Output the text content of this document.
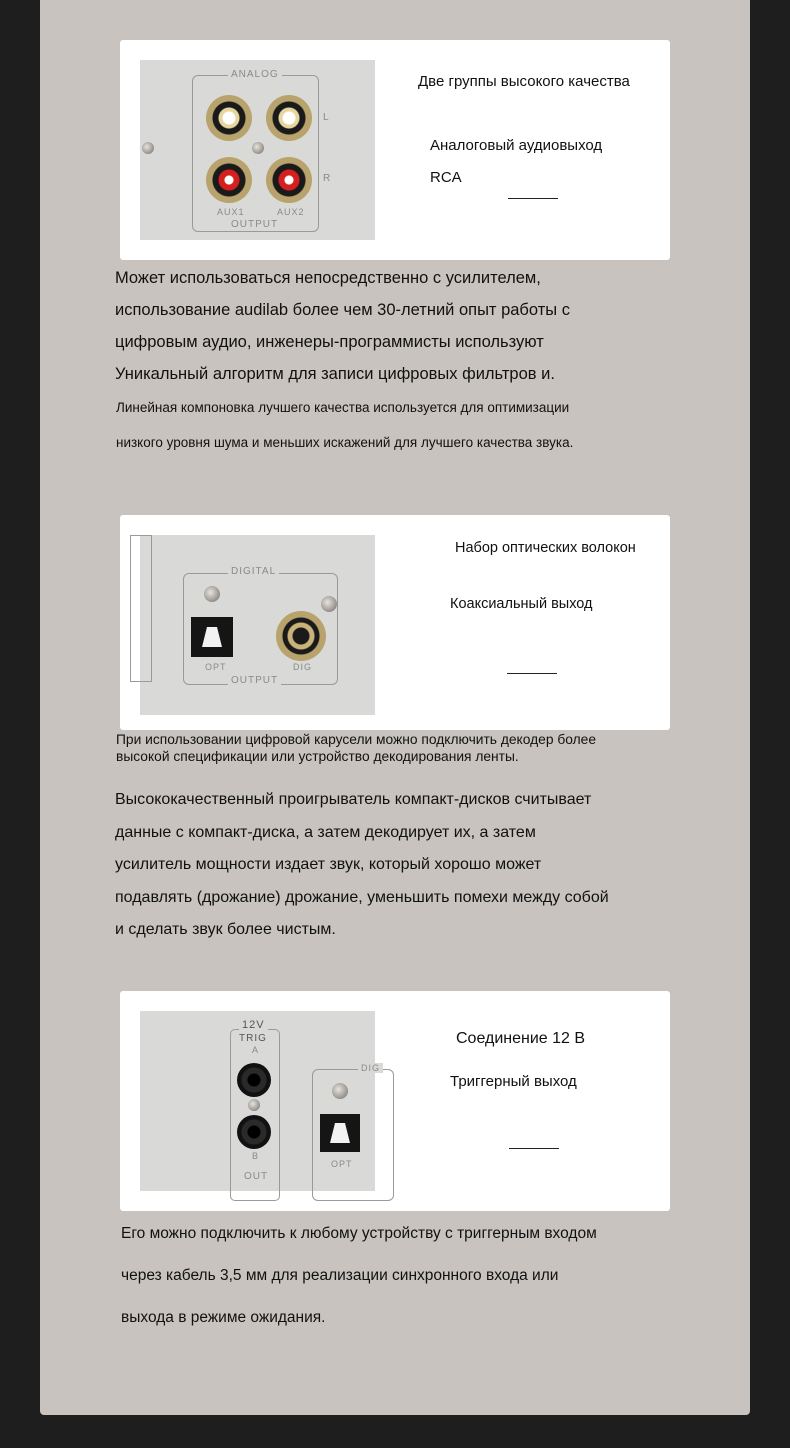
ANALOG
OUTPUT
L
R
AUX1	AUX2
Две группы высокого качества
Аналоговый аудиовыход
RCA

Может использоваться непосредственно с усилителем,

использование audilab более чем 30-летний опыт работы с

цифровым аудио, инженеры-программисты используют

Уникальный алгоритм для записи цифровых фильтров и.

Линейная компоновка лучшего качества используется для оптимизации

низкого уровня шума и меньших искажений для лучшего качества звука.

DIGITAL
OUTPUT
OPT	DIG
Набор оптических волокон
Коаксиальный выход

При использовании цифровой карусели можно подключить декодер более

высокой спецификации или устройство декодирования ленты.

Высококачественный проигрыватель компакт-дисков считывает

данные с компакт-диска, а затем декодирует их, а затем

усилитель мощности издает звук, который хорошо может

подавлять (дрожание) дрожание, уменьшить помехи между собой

и сделать звук более чистым.

12V
TRIG
A
B
OUT
DIG
OPT
Соединение 12 В
Триггерный выход

Его можно подключить к любому устройству с триггерным входом

через кабель 3,5 мм для реализации синхронного входа или

выхода в режиме ожидания.
